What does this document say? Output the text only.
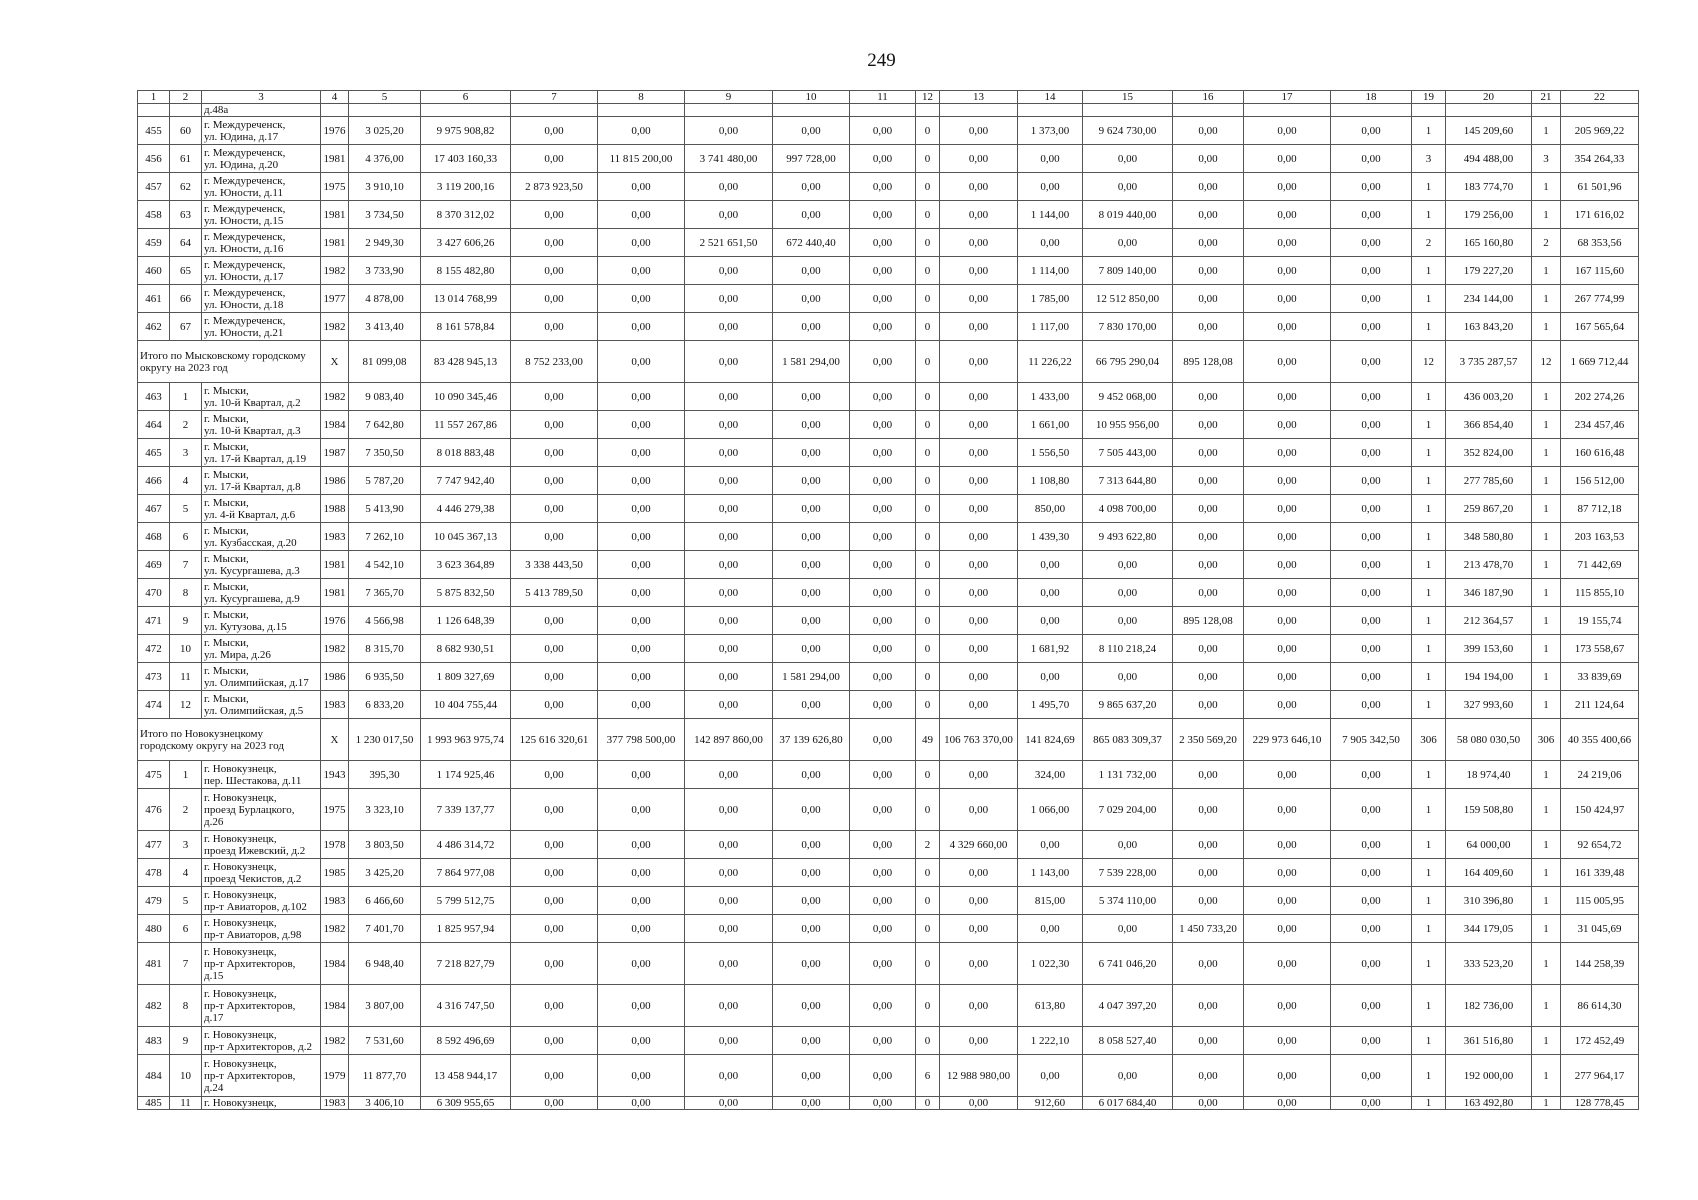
249
1	2	3	4	5	6	7	8	9	10	11	12	13	14	15	16	17	18	19	20	21	22
		д.48а																			
455	60	г. Междуреченск,
ул. Юдина, д.17	1976	3 025,20	9 975 908,82	0,00	0,00	0,00	0,00	0,00	0	0,00	1 373,00	9 624 730,00	0,00	0,00	0,00	1	145 209,60	1	205 969,22
456	61	г. Междуреченск,
ул. Юдина, д.20	1981	4 376,00	17 403 160,33	0,00	11 815 200,00	3 741 480,00	997 728,00	0,00	0	0,00	0,00	0,00	0,00	0,00	0,00	3	494 488,00	3	354 264,33
457	62	г. Междуреченск,
ул. Юности, д.11	1975	3 910,10	3 119 200,16	2 873 923,50	0,00	0,00	0,00	0,00	0	0,00	0,00	0,00	0,00	0,00	0,00	1	183 774,70	1	61 501,96
458	63	г. Междуреченск,
ул. Юности, д.15	1981	3 734,50	8 370 312,02	0,00	0,00	0,00	0,00	0,00	0	0,00	1 144,00	8 019 440,00	0,00	0,00	0,00	1	179 256,00	1	171 616,02
459	64	г. Междуреченск,
ул. Юности, д.16	1981	2 949,30	3 427 606,26	0,00	0,00	2 521 651,50	672 440,40	0,00	0	0,00	0,00	0,00	0,00	0,00	0,00	2	165 160,80	2	68 353,56
460	65	г. Междуреченск,
ул. Юности, д.17	1982	3 733,90	8 155 482,80	0,00	0,00	0,00	0,00	0,00	0	0,00	1 114,00	7 809 140,00	0,00	0,00	0,00	1	179 227,20	1	167 115,60
461	66	г. Междуреченск,
ул. Юности, д.18	1977	4 878,00	13 014 768,99	0,00	0,00	0,00	0,00	0,00	0	0,00	1 785,00	12 512 850,00	0,00	0,00	0,00	1	234 144,00	1	267 774,99
462	67	г. Междуреченск,
ул. Юности, д.21	1982	3 413,40	8 161 578,84	0,00	0,00	0,00	0,00	0,00	0	0,00	1 117,00	7 830 170,00	0,00	0,00	0,00	1	163 843,20	1	167 565,64
Итого по Мысковскому городскому округу на 2023 год			X	81 099,08	83 428 945,13	8 752 233,00	0,00	0,00	1 581 294,00	0,00	0	0,00	11 226,22	66 795 290,04	895 128,08	0,00	0,00	12	3 735 287,57	12	1 669 712,44
463	1	г. Мыски,
ул. 10-й Квартал, д.2	1982	9 083,40	10 090 345,46	0,00	0,00	0,00	0,00	0,00	0	0,00	1 433,00	9 452 068,00	0,00	0,00	0,00	1	436 003,20	1	202 274,26
464	2	г. Мыски,
ул. 10-й Квартал, д.3	1984	7 642,80	11 557 267,86	0,00	0,00	0,00	0,00	0,00	0	0,00	1 661,00	10 955 956,00	0,00	0,00	0,00	1	366 854,40	1	234 457,46
465	3	г. Мыски,
ул. 17-й Квартал, д.19	1987	7 350,50	8 018 883,48	0,00	0,00	0,00	0,00	0,00	0	0,00	1 556,50	7 505 443,00	0,00	0,00	0,00	1	352 824,00	1	160 616,48
466	4	г. Мыски,
ул. 17-й Квартал, д.8	1986	5 787,20	7 747 942,40	0,00	0,00	0,00	0,00	0,00	0	0,00	1 108,80	7 313 644,80	0,00	0,00	0,00	1	277 785,60	1	156 512,00
467	5	г. Мыски,
ул. 4-й Квартал, д.6	1988	5 413,90	4 446 279,38	0,00	0,00	0,00	0,00	0,00	0	0,00	850,00	4 098 700,00	0,00	0,00	0,00	1	259 867,20	1	87 712,18
468	6	г. Мыски,
ул. Кузбасская, д.20	1983	7 262,10	10 045 367,13	0,00	0,00	0,00	0,00	0,00	0	0,00	1 439,30	9 493 622,80	0,00	0,00	0,00	1	348 580,80	1	203 163,53
469	7	г. Мыски,
ул. Кусургашева, д.3	1981	4 542,10	3 623 364,89	3 338 443,50	0,00	0,00	0,00	0,00	0	0,00	0,00	0,00	0,00	0,00	0,00	1	213 478,70	1	71 442,69
470	8	г. Мыски,
ул. Кусургашева, д.9	1981	7 365,70	5 875 832,50	5 413 789,50	0,00	0,00	0,00	0,00	0	0,00	0,00	0,00	0,00	0,00	0,00	1	346 187,90	1	115 855,10
471	9	г. Мыски,
ул. Кутузова, д.15	1976	4 566,98	1 126 648,39	0,00	0,00	0,00	0,00	0,00	0	0,00	0,00	0,00	895 128,08	0,00	0,00	1	212 364,57	1	19 155,74
472	10	г. Мыски,
ул. Мира, д.26	1982	8 315,70	8 682 930,51	0,00	0,00	0,00	0,00	0,00	0	0,00	1 681,92	8 110 218,24	0,00	0,00	0,00	1	399 153,60	1	173 558,67
473	11	г. Мыски,
ул. Олимпийская, д.17	1986	6 935,50	1 809 327,69	0,00	0,00	0,00	1 581 294,00	0,00	0	0,00	0,00	0,00	0,00	0,00	0,00	1	194 194,00	1	33 839,69
474	12	г. Мыски,
ул. Олимпийская, д.5	1983	6 833,20	10 404 755,44	0,00	0,00	0,00	0,00	0,00	0	0,00	1 495,70	9 865 637,20	0,00	0,00	0,00	1	327 993,60	1	211 124,64
Итого по Новокузнецкому городскому округу на 2023 год			X	1 230 017,50	1 993 963 975,74	125 616 320,61	377 798 500,00	142 897 860,00	37 139 626,80	0,00	49	106 763 370,00	141 824,69	865 083 309,37	2 350 569,20	229 973 646,10	7 905 342,50	306	58 080 030,50	306	40 355 400,66
475	1	г. Новокузнецк,
пер. Шестакова, д.11	1943	395,30	1 174 925,46	0,00	0,00	0,00	0,00	0,00	0	0,00	324,00	1 131 732,00	0,00	0,00	0,00	1	18 974,40	1	24 219,06
476	2	г. Новокузнецк,
проезд Бурлацкого,
д.26	1975	3 323,10	7 339 137,77	0,00	0,00	0,00	0,00	0,00	0	0,00	1 066,00	7 029 204,00	0,00	0,00	0,00	1	159 508,80	1	150 424,97
477	3	г. Новокузнецк,
проезд Ижевский, д.2	1978	3 803,50	4 486 314,72	0,00	0,00	0,00	0,00	0,00	2	4 329 660,00	0,00	0,00	0,00	0,00	0,00	1	64 000,00	1	92 654,72
478	4	г. Новокузнецк,
проезд Чекистов, д.2	1985	3 425,20	7 864 977,08	0,00	0,00	0,00	0,00	0,00	0	0,00	1 143,00	7 539 228,00	0,00	0,00	0,00	1	164 409,60	1	161 339,48
479	5	г. Новокузнецк,
пр-т Авиаторов, д.102	1983	6 466,60	5 799 512,75	0,00	0,00	0,00	0,00	0,00	0	0,00	815,00	5 374 110,00	0,00	0,00	0,00	1	310 396,80	1	115 005,95
480	6	г. Новокузнецк,
пр-т Авиаторов, д.98	1982	7 401,70	1 825 957,94	0,00	0,00	0,00	0,00	0,00	0	0,00	0,00	0,00	1 450 733,20	0,00	0,00	1	344 179,05	1	31 045,69
481	7	г. Новокузнецк,
пр-т Архитекторов,
д.15	1984	6 948,40	7 218 827,79	0,00	0,00	0,00	0,00	0,00	0	0,00	1 022,30	6 741 046,20	0,00	0,00	0,00	1	333 523,20	1	144 258,39
482	8	г. Новокузнецк,
пр-т Архитекторов,
д.17	1984	3 807,00	4 316 747,50	0,00	0,00	0,00	0,00	0,00	0	0,00	613,80	4 047 397,20	0,00	0,00	0,00	1	182 736,00	1	86 614,30
483	9	г. Новокузнецк,
пр-т Архитекторов, д.2	1982	7 531,60	8 592 496,69	0,00	0,00	0,00	0,00	0,00	0	0,00	1 222,10	8 058 527,40	0,00	0,00	0,00	1	361 516,80	1	172 452,49
484	10	г. Новокузнецк,
пр-т Архитекторов,
д.24	1979	11 877,70	13 458 944,17	0,00	0,00	0,00	0,00	0,00	6	12 988 980,00	0,00	0,00	0,00	0,00	0,00	1	192 000,00	1	277 964,17
485	11	г. Новокузнецк,	1983	3 406,10	6 309 955,65	0,00	0,00	0,00	0,00	0,00	0	0,00	912,60	6 017 684,40	0,00	0,00	0,00	1	163 492,80	1	128 778,45
